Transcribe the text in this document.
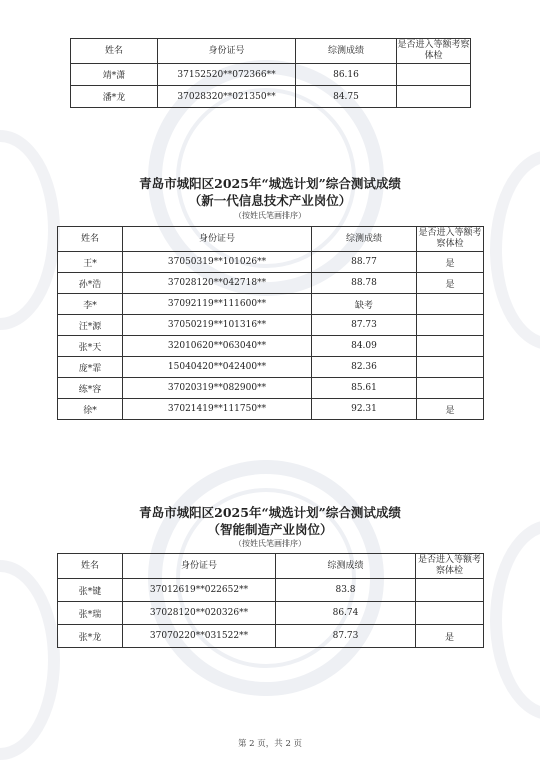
姓名	身份证号	综测成绩	是否进入等额考察体检
靖*潇	37152520**072366**	86.16	
潘*龙	37028320**021350**	84.75	
青岛市城阳区2025年“城选计划”综合测试成绩
（新一代信息技术产业岗位）
（按姓氏笔画排序）
姓名	身份证号	综测成绩	是否进入等额考察体检
王*	37050319**101026**	88.77	是
孙*浩	37028120**042718**	88.78	是
李*	37092119**111600**	缺考	
汪*源	37050219**101316**	87.73	
张*天	32010620**063040**	84.09	
庞*霏	15040420**042400**	82.36	
练*容	37020319**082900**	85.61	
徐*	37021419**111750**	92.31	是
青岛市城阳区2025年“城选计划”综合测试成绩
（智能制造产业岗位）
（按姓氏笔画排序）
姓名	身份证号	综测成绩	是否进入等额考察体检
张*键	37012619**022652**	83.8	
张*瑞	37028120**020326**	86.74	
张*龙	37070220**031522**	87.73	是
第 2 页，共 2 页
